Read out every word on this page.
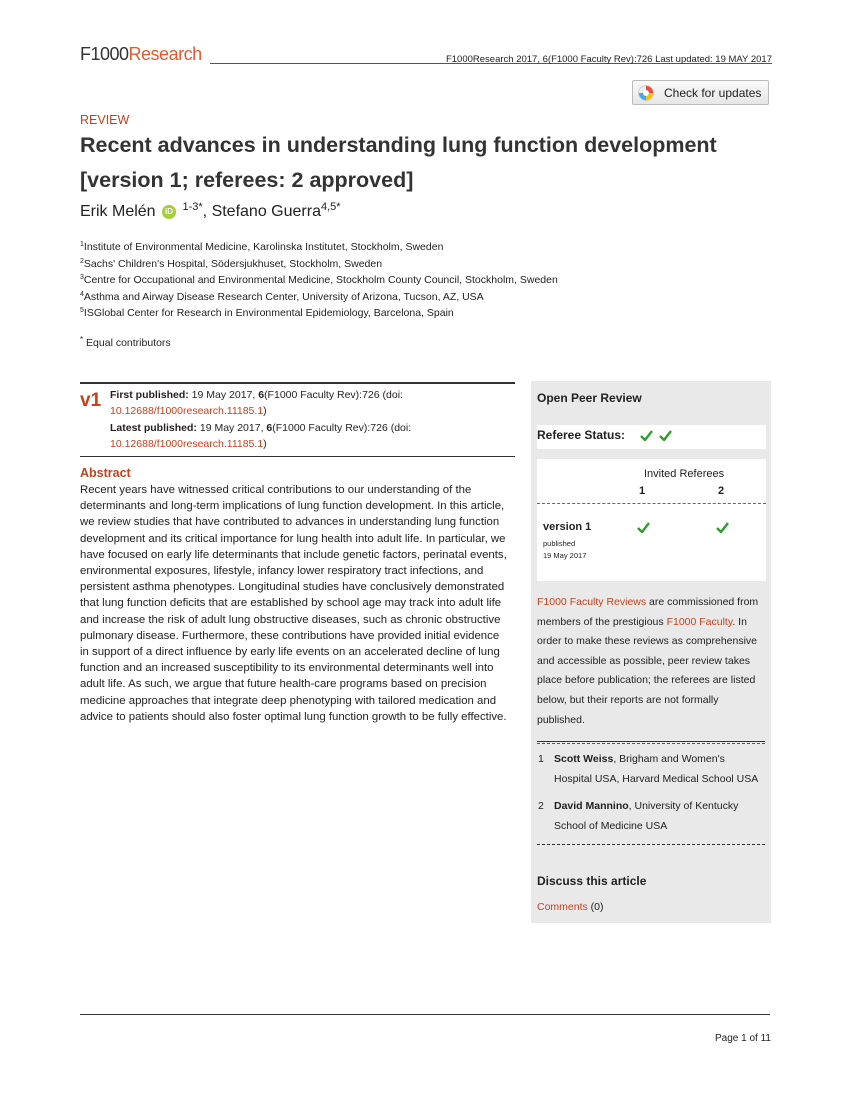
F1000Research	F1000Research 2017, 6(F1000 Faculty Rev):726 Last updated: 19 MAY 2017
Check for updates
REVIEW
Recent advances in understanding lung function development [version 1; referees: 2 approved]
Erik Melén iD $^{1-3*}$, Stefano Guerra$^{4,5*}$
$^1$Institute of Environmental Medicine, Karolinska Institutet, Stockholm, Sweden
$^2$Sachs' Children's Hospital, Södersjukhuset, Stockholm, Sweden
$^3$Centre for Occupational and Environmental Medicine, Stockholm County Council, Stockholm, Sweden
$^4$Asthma and Airway Disease Research Center, University of Arizona, Tucson, AZ, USA
$^5$ISGlobal Center for Research in Environmental Epidemiology, Barcelona, Spain
* Equal contributors
v1 First published: 19 May 2017, 6(F1000 Faculty Rev):726 (doi:
10.12688/f1000research.11185.1)
Latest published: 19 May 2017, 6(F1000 Faculty Rev):726 (doi:
10.12688/f1000research.11185.1)
Abstract

Recent years have witnessed critical contributions to our understanding of the determinants and long-term implications of lung function development. In this article, we review studies that have contributed to advances in understanding lung function development and its critical importance for lung health into adult life. In particular, we have focused on early life determinants that include genetic factors, perinatal events, environmental exposures, lifestyle, infancy lower respiratory tract infections, and persistent asthma phenotypes. Longitudinal studies have conclusively demonstrated that lung function deficits that are established by school age may track into adult life and increase the risk of adult lung obstructive diseases, such as chronic obstructive pulmonary disease. Furthermore, these contributions have provided initial evidence in support of a direct influence by early life events on an accelerated decline of lung function and an increased susceptibility to its environmental determinants well into adult life. As such, we argue that future health-care programs based on precision medicine approaches that integrate deep phenotyping with tailored medication and advice to patients should also foster optimal lung function growth to be fully effective.

Open Peer Review
Referee Status:
Invited Referees
1	2
version 1
published
19 May 2017

F1000 Faculty Reviews are commissioned from members of the prestigious F1000 Faculty. In order to make these reviews as comprehensive and accessible as possible, peer review takes place before publication; the referees are listed below, but their reports are not formally published.

1 Scott Weiss, Brigham and Women's Hospital USA, Harvard Medical School USA
2 David Mannino, University of Kentucky School of Medicine USA
Discuss this article
Comments (0)
Page 1 of 11
